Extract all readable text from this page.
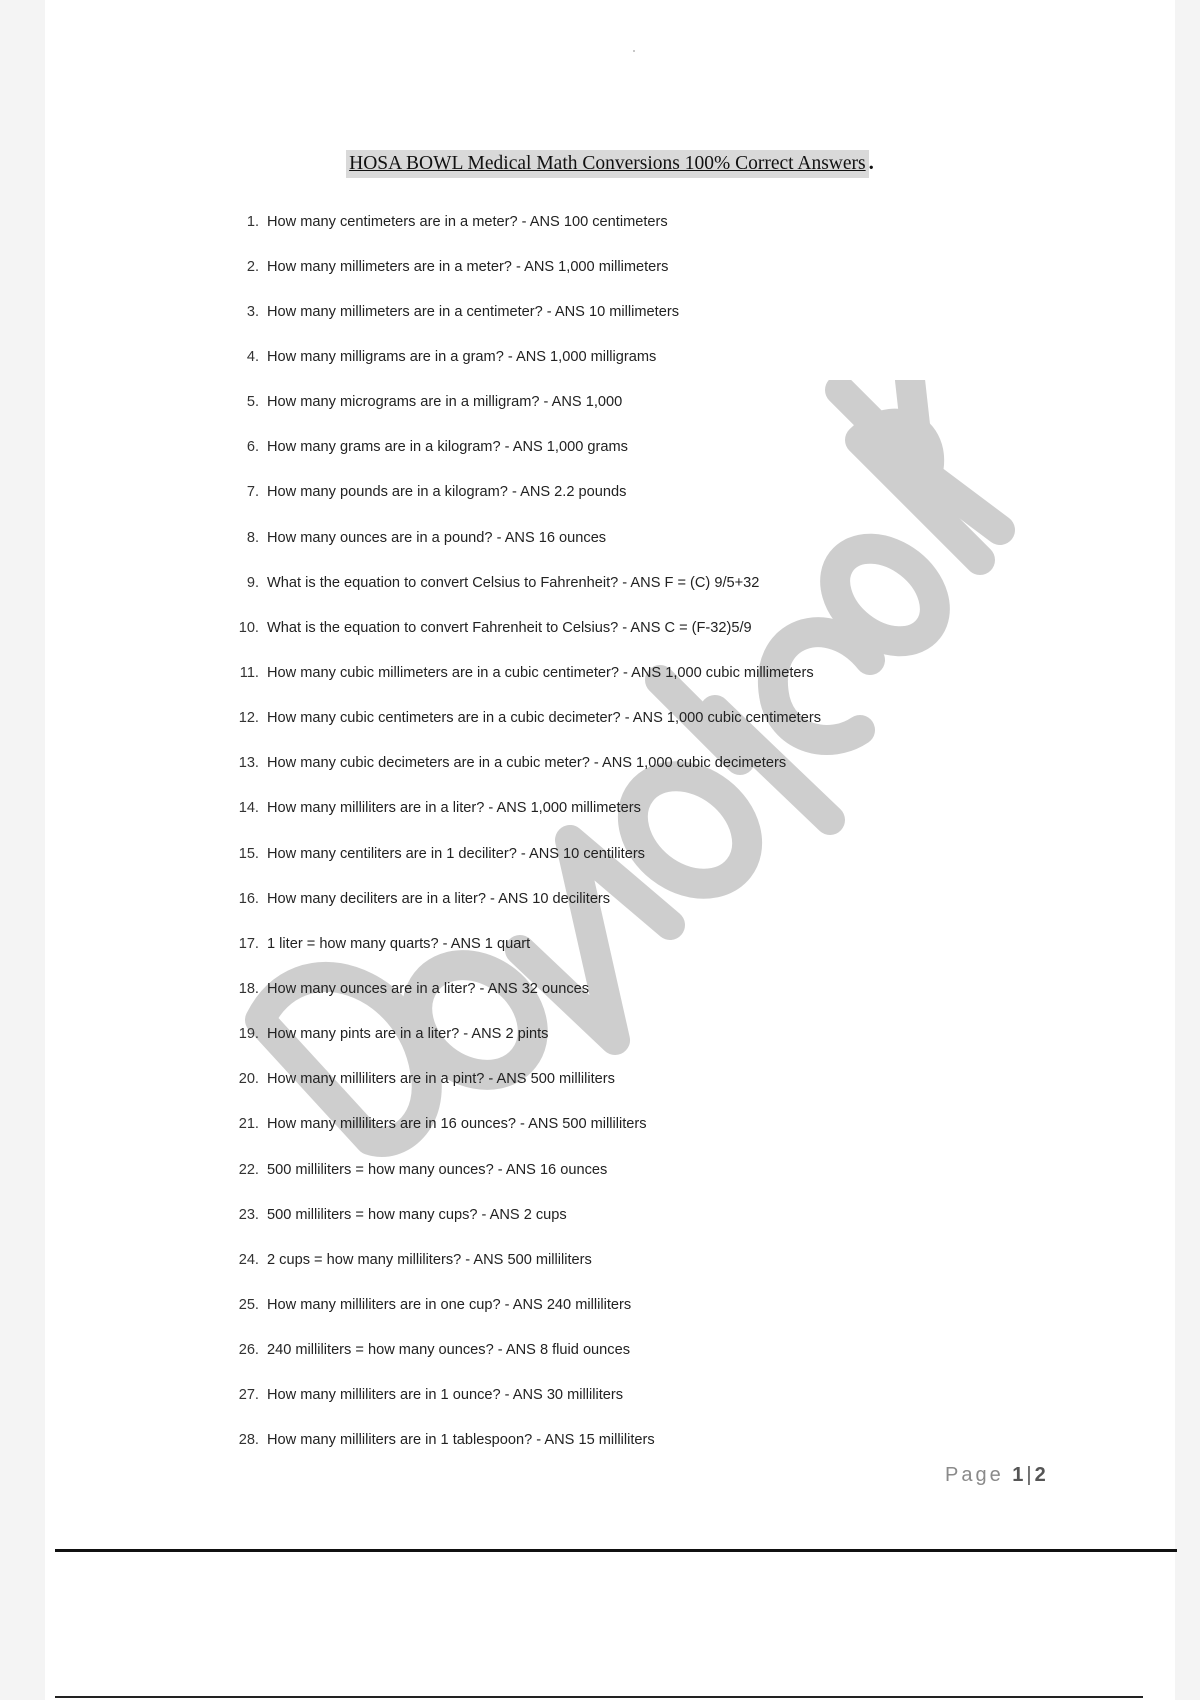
HOSA BOWL Medical Math Conversions 100% Correct Answers .
1. How many centimeters are in a meter? - ANS 100 centimeters
2. How many millimeters are in a meter? - ANS 1,000 millimeters
3. How many millimeters are in a centimeter? - ANS 10 millimeters
4. How many milligrams are in a gram? - ANS 1,000 milligrams
5. How many micrograms are in a milligram? - ANS 1,000
6. How many grams are in a kilogram? - ANS 1,000 grams
7. How many pounds are in a kilogram? - ANS 2.2 pounds
8. How many ounces are in a pound? - ANS 16 ounces
9. What is the equation to convert Celsius to Fahrenheit? - ANS F = (C) 9/5+32
10. What is the equation to convert Fahrenheit to Celsius? - ANS C = (F-32)5/9
11. How many cubic millimeters are in a cubic centimeter? - ANS 1,000 cubic millimeters
12. How many cubic centimeters are in a cubic decimeter? - ANS 1,000 cubic centimeters
13. How many cubic decimeters are in a cubic meter? - ANS 1,000 cubic decimeters
14. How many milliliters are in a liter? - ANS 1,000 millimeters
15. How many centiliters are in 1 deciliter? - ANS 10 centiliters
16. How many deciliters are in a liter? - ANS 10 deciliters
17. 1 liter = how many quarts? - ANS 1 quart
18. How many ounces are in a liter? - ANS 32 ounces
19. How many pints are in a liter? - ANS 2 pints
20. How many milliliters are in a pint? - ANS 500 milliliters
21. How many milliliters are in 16 ounces? - ANS 500 milliliters
22. 500 milliliters = how many ounces? - ANS 16 ounces
23. 500 milliliters = how many cups? - ANS 2 cups
24. 2 cups = how many milliliters? - ANS 500 milliliters
25. How many milliliters are in one cup? - ANS 240 milliliters
26. 240 milliliters = how many ounces? - ANS 8 fluid ounces
27. How many milliliters are in 1 ounce? - ANS 30 milliliters
28. How many milliliters are in 1 tablespoon? - ANS 15 milliliters
Page 1|2
